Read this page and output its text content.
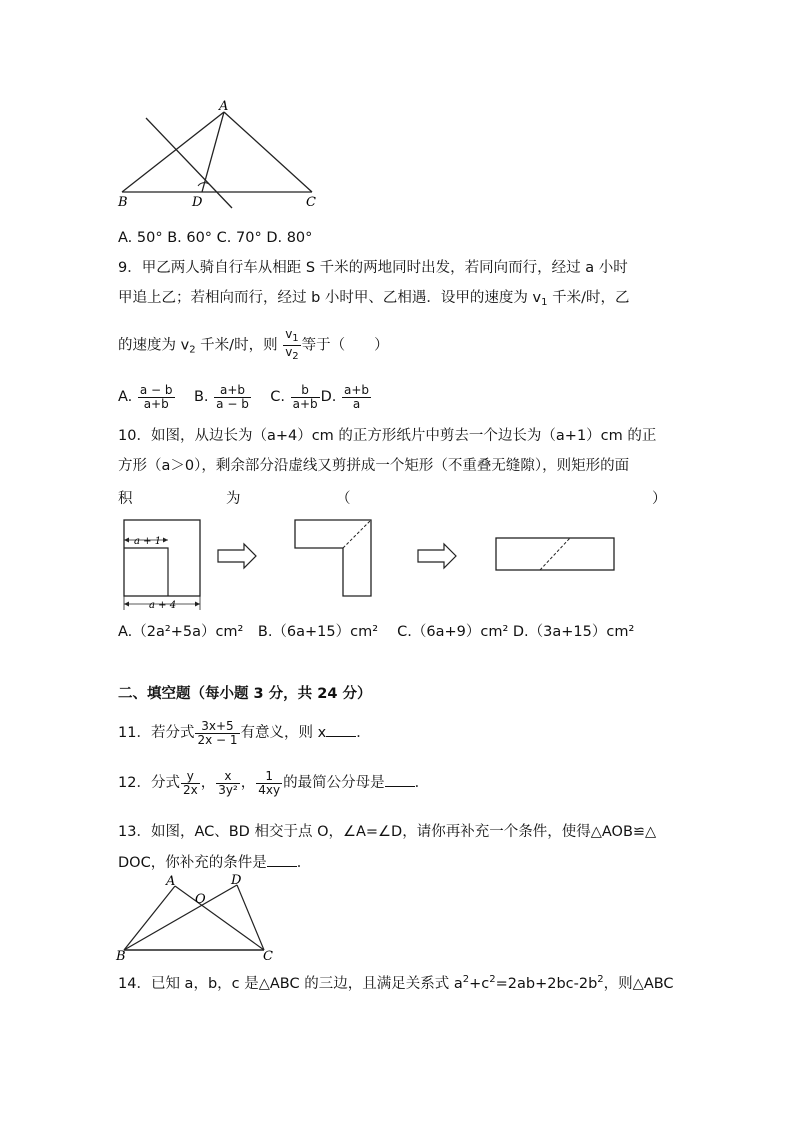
A
B	D	C
A. 50° B. 60° C. 70° D. 80°
9．甲乙两人骑自行车从相距 S 千米的两地同时出发，若同向而行，经过 a 小时
甲追上乙；若相向而行，经过 b 小时甲、乙相遇．设甲的速度为 $v_1$ 千米/时，乙
的速度为 $v_2$ 千米/时，则 $\frac{v_1}{v_2}$ 等于（　　）
A. $\frac{a - b}{a+b} B$. $\frac{a+b}{a - b} C$. $\frac{b}{a+b} D$. $\frac{a+b}{a}$
10．如图，从边长为（a+4）cm 的正方形纸片中剪去一个边长为（a+1）cm 的正
方形（a＞0），剩余部分沿虚线又剪拼成一个矩形（不重叠无缝隙），则矩形的面
积	为	（	）
a + 1
a + 4
A.（2a²+5a）cm²　B.（6a+15）cm²　 C.（6a+9）cm² D.（3a+15）cm²
二、填空题（每小题 3 分，共 24 分）
11．若分式 $\frac{3x+5}{2x - 1}$ 有意义，则 x ．
12．分式 $\frac{y}{2x}$ ， $\frac{x}{\text{3y²}}$ ， $\frac{1}{4xy}$ 的最简公分母是 ．
13．如图，AC、BD 相交于点 O，∠A=∠D，请你再补充一个条件，使得△AOB≌△
DOC，你补充的条件是 ．
A	D
O
B	C
14．已知 a，b，c 是△ABC 的三边，且满足关系式 $a^2+c^2=2ab+2bc-2b^2$，则△ABC
